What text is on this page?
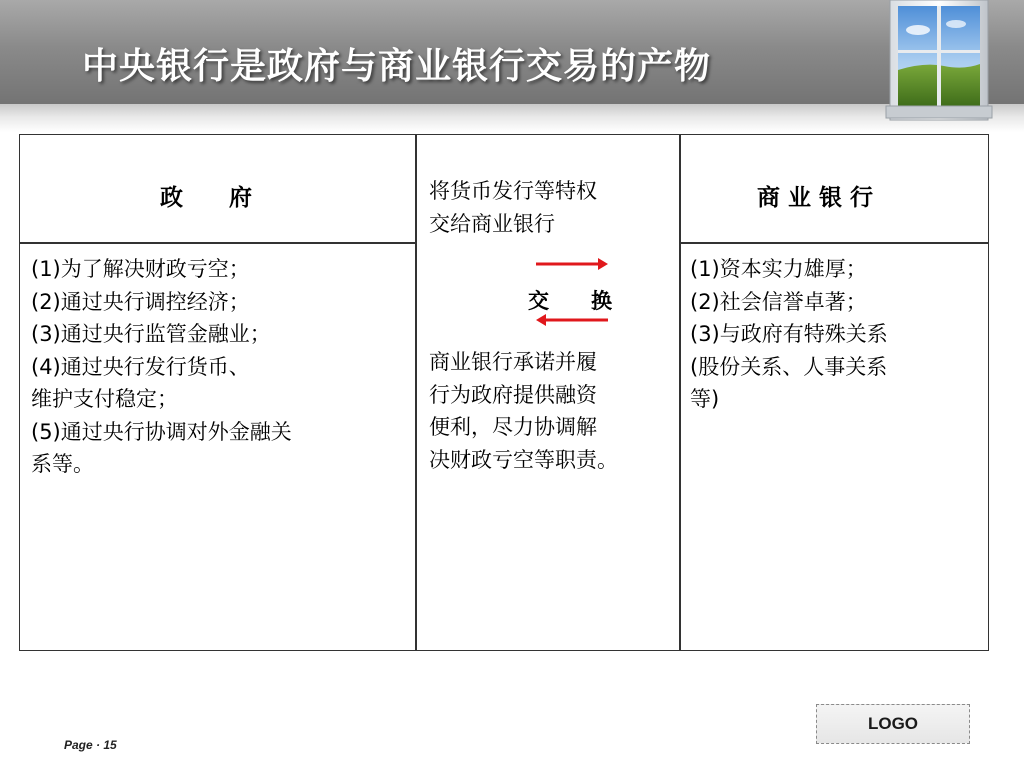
中央银行是政府与商业银行交易的产物
政　　府
(1)为了解决财政亏空；
(2)通过央行调控经济；
(3)通过央行监管金融业；
(4)通过央行发行货币、
维护支付稳定；
(5)通过央行协调对外金融关
系等。
将货币发行等特权
交给商业银行
交　　换
商业银行承诺并履
行为政府提供融资
便利，尽力协调解
决财政亏空等职责。
商 业 银 行
(1)资本实力雄厚；
(2)社会信誉卓著；
(3)与政府有特殊关系
(股份关系、人事关系
等)
LOGO
Page · 15
